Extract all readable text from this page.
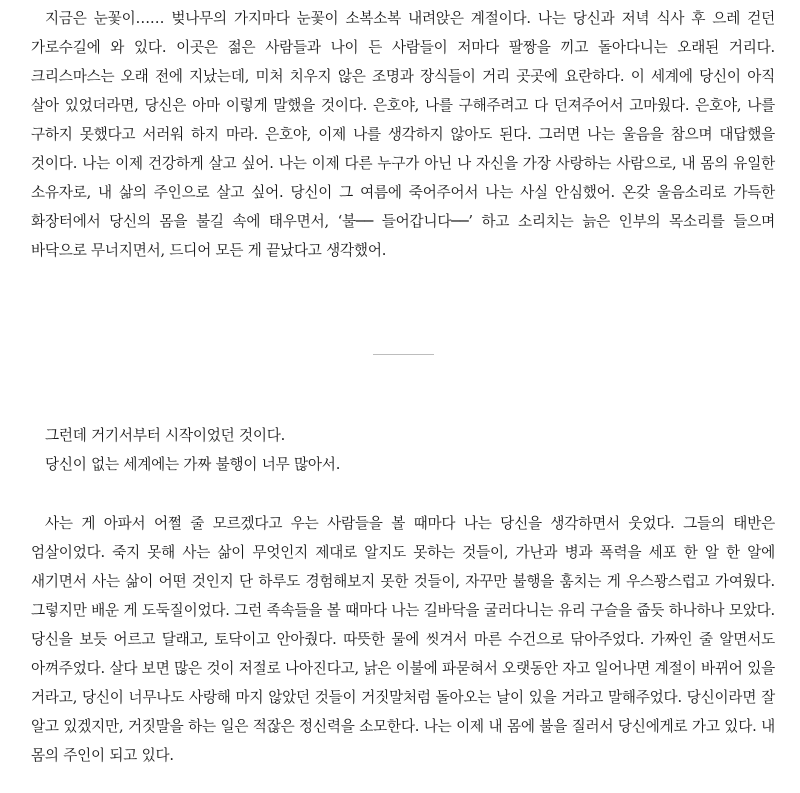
지금은 눈꽃이…… 벚나무의 가지마다 눈꽃이 소복소복 내려앉은 계절이다. 나는 당신과 저녁 식사 후 으레 걷던 가로수길에 와 있다. 이곳은 젊은 사람들과 나이 든 사람들이 저마다 팔짱을 끼고 돌아다니는 오래된 거리다. 크리스마스는 오래 전에 지났는데, 미처 치우지 않은 조명과 장식들이 거리 곳곳에 요란하다. 이 세계에 당신이 아직 살아 있었더라면, 당신은 아마 이렇게 말했을 것이다. 은호야, 나를 구해주려고 다 던져주어서 고마웠다. 은호야, 나를 구하지 못했다고 서러워 하지 마라. 은호야, 이제 나를 생각하지 않아도 된다. 그러면 나는 울음을 참으며 대답했을 것이다. 나는 이제 건강하게 살고 싶어. 나는 이제 다른 누구가 아닌 나 자신을 가장 사랑하는 사람으로, 내 몸의 유일한 소유자로, 내 삶의 주인으로 살고 싶어. 당신이 그 여름에 죽어주어서 나는 사실 안심했어. 온갖 울음소리로 가득한 화장터에서 당신의 몸을 불길 속에 태우면서, ‘불── 들어갑니다──’ 하고 소리치는 늙은 인부의 목소리를 들으며 바닥으로 무너지면서, 드디어 모든 게 끝났다고 생각했어.

그런데 거기서부터 시작이었던 것이다.
당신이 없는 세계에는 가짜 불행이 너무 많아서.

사는 게 아파서 어쩔 줄 모르겠다고 우는 사람들을 볼 때마다 나는 당신을 생각하면서 웃었다. 그들의 태반은 엄살이었다. 죽지 못해 사는 삶이 무엇인지 제대로 알지도 못하는 것들이, 가난과 병과 폭력을 세포 한 알 한 알에 새기면서 사는 삶이 어떤 것인지 단 하루도 경험해보지 못한 것들이, 자꾸만 불행을 훔치는 게 우스꽝스럽고 가여웠다. 그렇지만 배운 게 도둑질이었다. 그런 족속들을 볼 때마다 나는 길바닥을 굴러다니는 유리 구슬을 줍듯 하나하나 모았다. 당신을 보듯 어르고 달래고, 토닥이고 안아줬다. 따뜻한 물에 씻겨서 마른 수건으로 닦아주었다. 가짜인 줄 알면서도 아껴주었다. 살다 보면 많은 것이 저절로 나아진다고, 낡은 이불에 파묻혀서 오랫동안 자고 일어나면 계절이 바뀌어 있을 거라고, 당신이 너무나도 사랑해 마지 않았던 것들이 거짓말처럼 돌아오는 날이 있을 거라고 말해주었다. 당신이라면 잘 알고 있겠지만, 거짓말을 하는 일은 적잖은 정신력을 소모한다. 나는 이제 내 몸에 불을 질러서 당신에게로 가고 있다. 내 몸의 주인이 되고 있다.
